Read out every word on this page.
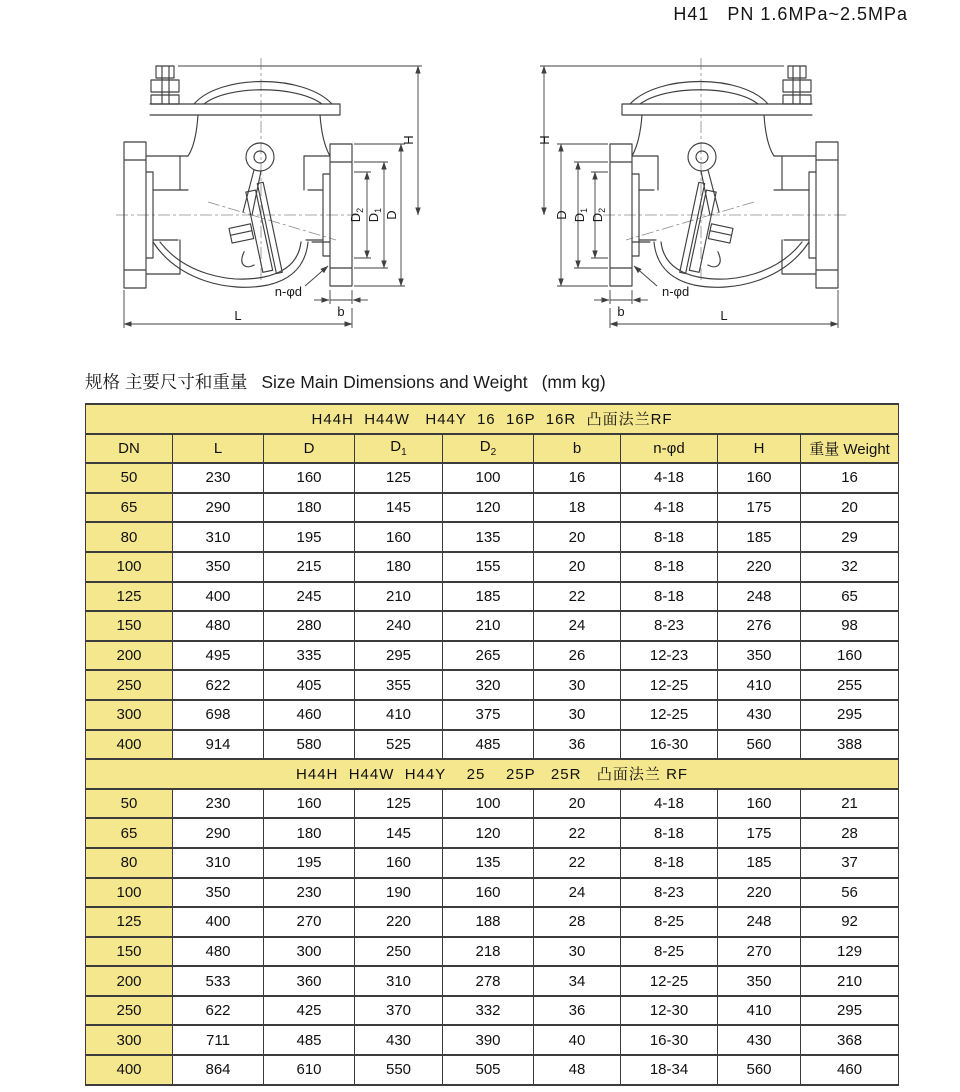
H41   PN 1.6MPa~2.5MPa
$D_2$
$D_1$ D
H
b
L
n-φd
$D_2$
$D_1$
D
H
b	L
n-φd
规格 主要尺寸和重量 Size Main Dimensions and Weight (mm kg)
H44H  H44W   H44Y  16  16P  16R  凸面法兰RF								
DN	L	D	$D_1$	$D_2$	b	n-φd	H	重量 Weight
50	230	160	125	100	16	4-18	160	16
65	290	180	145	120	18	4-18	175	20
80	310	195	160	135	20	8-18	185	29
100	350	215	180	155	20	8-18	220	32
125	400	245	210	185	22	8-18	248	65
150	480	280	240	210	24	8-23	276	98
200	495	335	295	265	26	12-23	350	160
250	622	405	355	320	30	12-25	410	255
300	698	460	410	375	30	12-25	430	295
400	914	580	525	485	36	16-30	560	388
H44H  H44W  H44Y    25    25P   25R   凸面法兰 RF								
50	230	160	125	100	20	4-18	160	21
65	290	180	145	120	22	8-18	175	28
80	310	195	160	135	22	8-18	185	37
100	350	230	190	160	24	8-23	220	56
125	400	270	220	188	28	8-25	248	92
150	480	300	250	218	30	8-25	270	129
200	533	360	310	278	34	12-25	350	210
250	622	425	370	332	36	12-30	410	295
300	711	485	430	390	40	16-30	430	368
400	864	610	550	505	48	18-34	560	460
